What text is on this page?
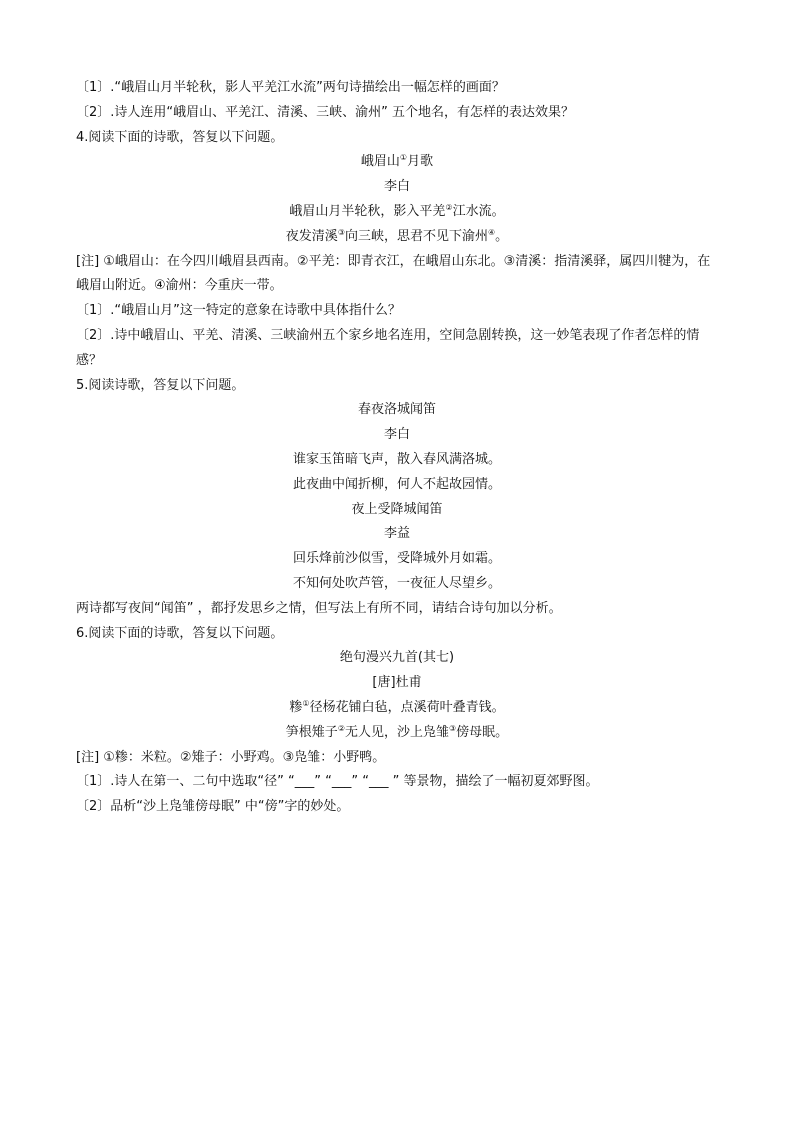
〔1〕.“峨眉山月半轮秋，影人平羌江水流”两句诗描绘出一幅怎样的画面？
〔2〕.诗人连用“峨眉山、平羌江、清溪、三峡、渝州” 五个地名，有怎样的表达效果？
4.阅读下面的诗歌，答复以下问题。
峨眉山①月歌
李白
峨眉山月半轮秋，影入平羌②江水流。
夜发清溪③向三峡，思君不见下渝州④。
[注] ①峨眉山：在今四川峨眉县西南。②平羌：即青衣江，在峨眉山东北。③清溪：指清溪驿，属四川犍为，在峨眉山附近。④渝州：今重庆一带。
〔1〕.“峨眉山月”这一特定的意象在诗歌中具体指什么？
〔2〕.诗中峨眉山、平羌、清溪、三峡渝州五个家乡地名连用，空间急剧转换，这一妙笔表现了作者怎样的情感？
5.阅读诗歌，答复以下问题。
春夜洛城闻笛
李白
谁家玉笛暗飞声，散入春风满洛城。
此夜曲中闻折柳，何人不起故园情。
夜上受降城闻笛
李益
回乐烽前沙似雪，受降城外月如霜。
不知何处吹芦管，一夜征人尽望乡。
两诗都写夜间“闻笛” ，都抒发思乡之情，但写法上有所不同，请结合诗句加以分析。
6.阅读下面的诗歌，答复以下问题。
绝句漫兴九首(其七)
[唐]杜甫
糁①径杨花铺白毡，点溪荷叶叠青钱。
笋根雉子②无人见，沙上凫雏③傍母眠。
[注] ①糁：米粒。②雉子：小野鸡。③凫雏：小野鸭。
〔1〕.诗人在第一、二句中选取“径” “___” “___” “___ ” 等景物，描绘了一幅初夏郊野图。
〔2〕品析“沙上凫雏傍母眠” 中“傍”字的妙处。
